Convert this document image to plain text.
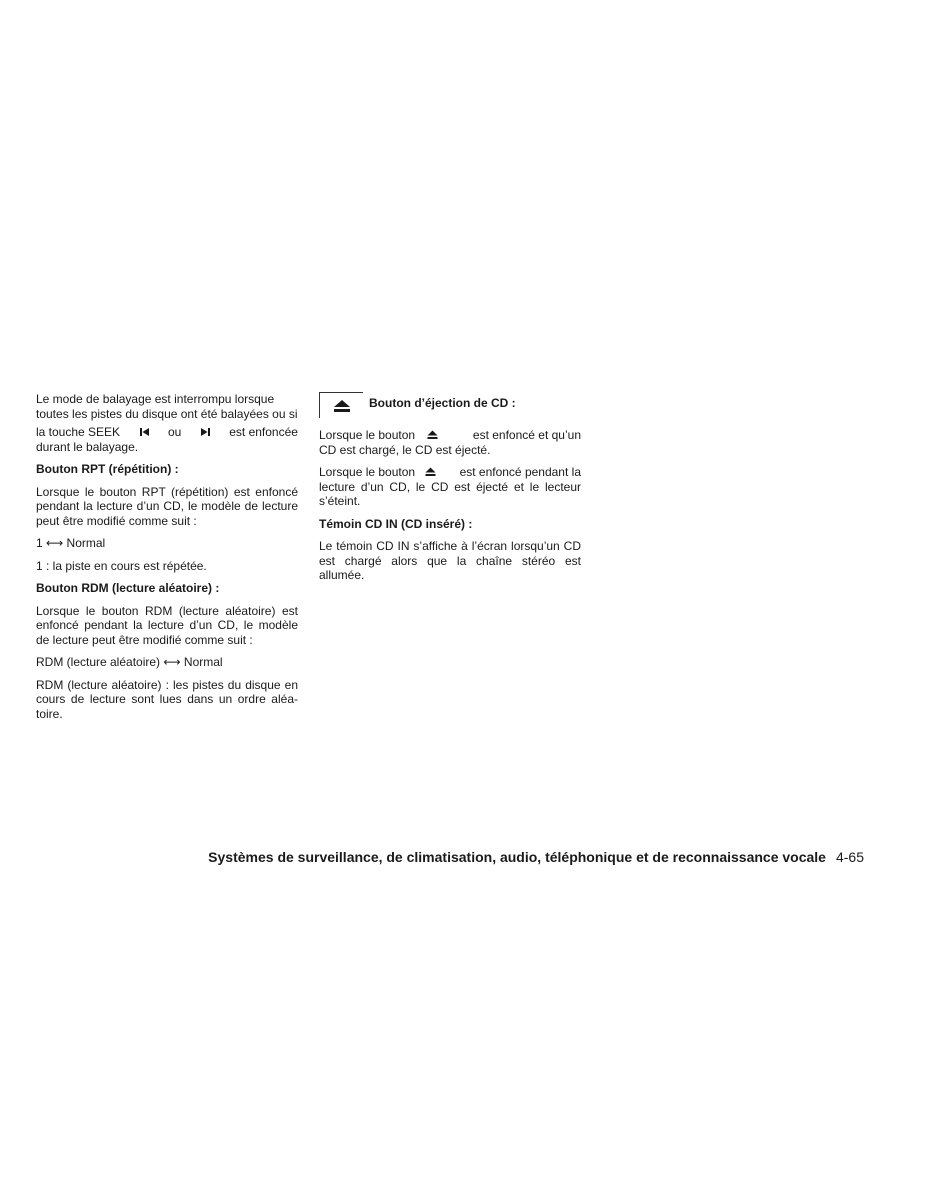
Le mode de balayage est interrompu lorsque

toutes les pistes du disque ont été balayées ou si

la touche SEEK	ou	est enfoncée

durant le balayage.

Bouton RPT (répétition) :

Lorsque le bouton RPT (répétition) est enfoncé pendant la lecture d’un CD, le modèle de lecture peut être modifié comme suit :

1 ⟷ Normal

1 : la piste en cours est répétée.

Bouton RDM (lecture aléatoire) :

Lorsque le bouton RDM (lecture aléatoire) est enfoncé pendant la lecture d’un CD, le modèle de lecture peut être modifié comme suit :

RDM (lecture aléatoire) ⟷ Normal

RDM (lecture aléatoire) : les pistes du disque en cours de lecture sont lues dans un ordre aléa-toire.

Bouton d’éjection de CD :
Lorsque le bouton	est enfoncé et qu’un

CD est chargé, le CD est éjecté.

Lorsque le bouton	est enfoncé pendant la

lecture d’un CD, le CD est éjecté et le lecteur s’éteint.

Témoin CD IN (CD inséré) :

Le témoin CD IN s’affiche à l’écran lorsqu’un CD est chargé alors que la chaîne stéréo est allumée.

Systèmes de surveillance, de climatisation, audio, téléphonique et de reconnaissance vocale 4-65
